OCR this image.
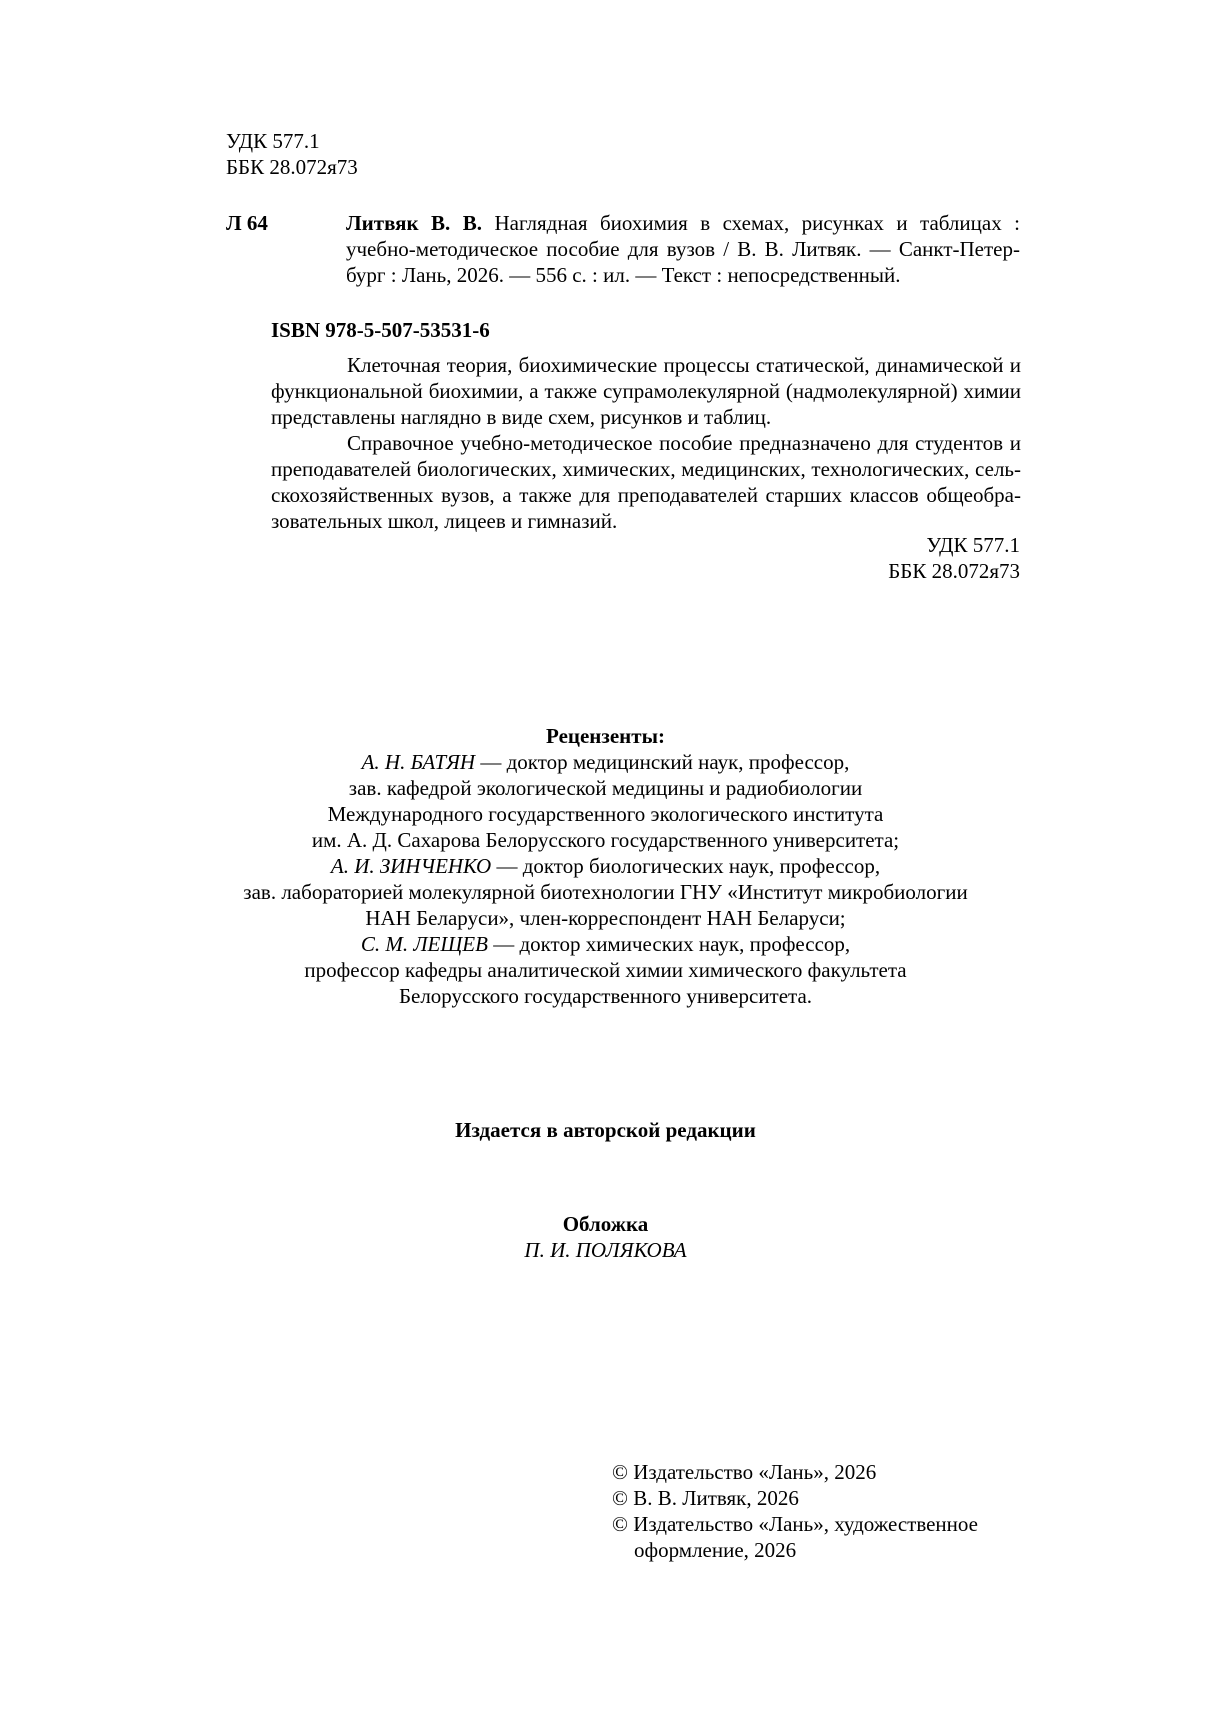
УДК 577.1
ББК 28.072я73
Л 64	Литвяк В. В. Наглядная биохимия в схемах, рисунках и таблицах :
учебно-методическое пособие для вузов / В. В. Литвяк. — Санкт-Петер-
бург : Лань, 2026. — 556 с. : ил. — Текст : непосредственный.
ISBN 978-5-507-53531-6
Клеточная теория, биохимические процессы статической, динамической и
функциональной биохимии, а также супрамолекулярной (надмолекулярной) химии
представлены наглядно в виде схем, рисунков и таблиц.
Справочное учебно-методическое пособие предназначено для студентов и
преподавателей биологических, химических, медицинских, технологических, сель-
скохозяйственных вузов, а также для преподавателей старших классов общеобра-
зовательных школ, лицеев и гимназий.
УДК 577.1
ББК 28.072я73
Рецензенты:
А. Н. БАТЯН — доктор медицинский наук, профессор,
зав. кафедрой экологической медицины и радиобиологии
Международного государственного экологического института
им. А. Д. Сахарова Белорусского государственного университета;
А. И. ЗИНЧЕНКО — доктор биологических наук, профессор,
зав. лабораторией молекулярной биотехнологии ГНУ «Институт микробиологии
НАН Беларуси», член-корреспондент НАН Беларуси;
С. М. ЛЕЩЕВ — доктор химических наук, профессор,
профессор кафедры аналитической химии химического факультета
Белорусского государственного университета.
Издается в авторской редакции
Обложка
П. И. ПОЛЯКОВА
© Издательство «Лань», 2026
© В. В. Литвяк, 2026
© Издательство «Лань», художественное
оформление, 2026
